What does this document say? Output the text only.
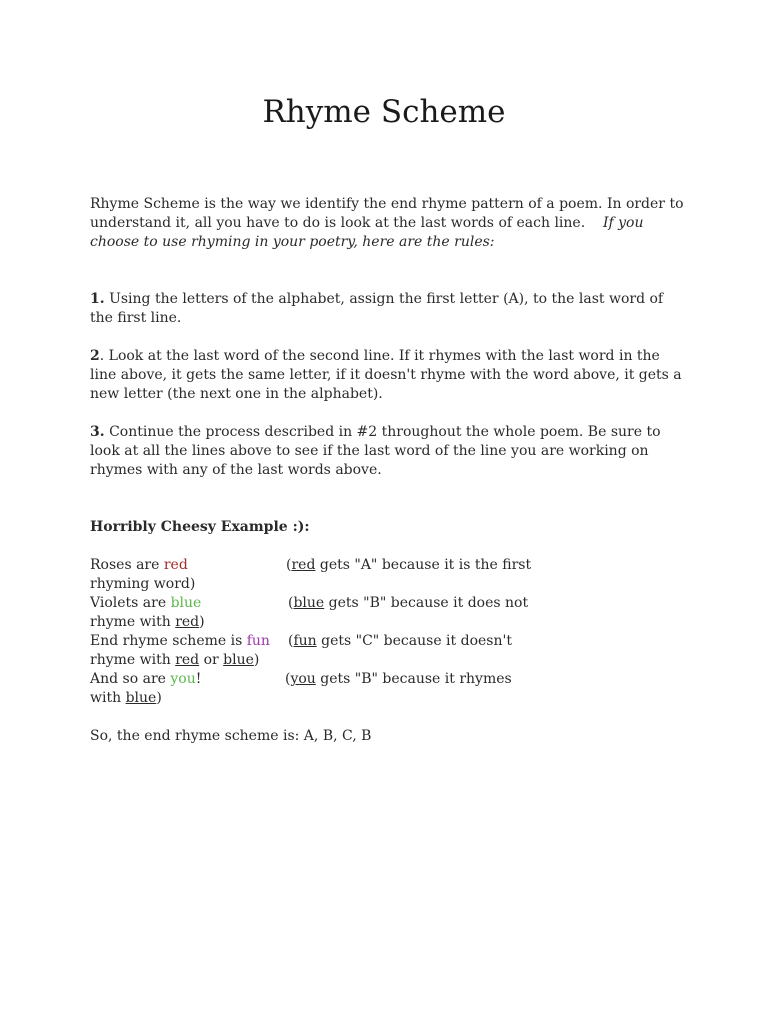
Rhyme Scheme

Rhyme Scheme is the way we identify the end rhyme pattern of a poem. In order to understand it, all you have to do is look at the last words of each line. If you choose to use rhyming in your poetry, here are the rules:

1. Using the letters of the alphabet, assign the first letter (A), to the last word of the first line.

2. Look at the last word of the second line. If it rhymes with the last word in the line above, it gets the same letter, if it doesn't rhyme with the word above, it gets a new letter (the next one in the alphabet).

3. Continue the process described in #2 throughout the whole poem. Be sure to look at all the lines above to see if the last word of the line you are working on rhymes with any of the last words above.

Horribly Cheesy Example :):

Roses are red	(red gets "A" because it is the first
rhyming word)
Violets are blue	(blue gets "B" because it does not
rhyme with red)
End rhyme scheme is fun (fun gets "C" because it doesn't
rhyme with red or blue)
And so are you!	(you gets "B" because it rhymes
with blue)

So, the end rhyme scheme is: A, B, C, B
